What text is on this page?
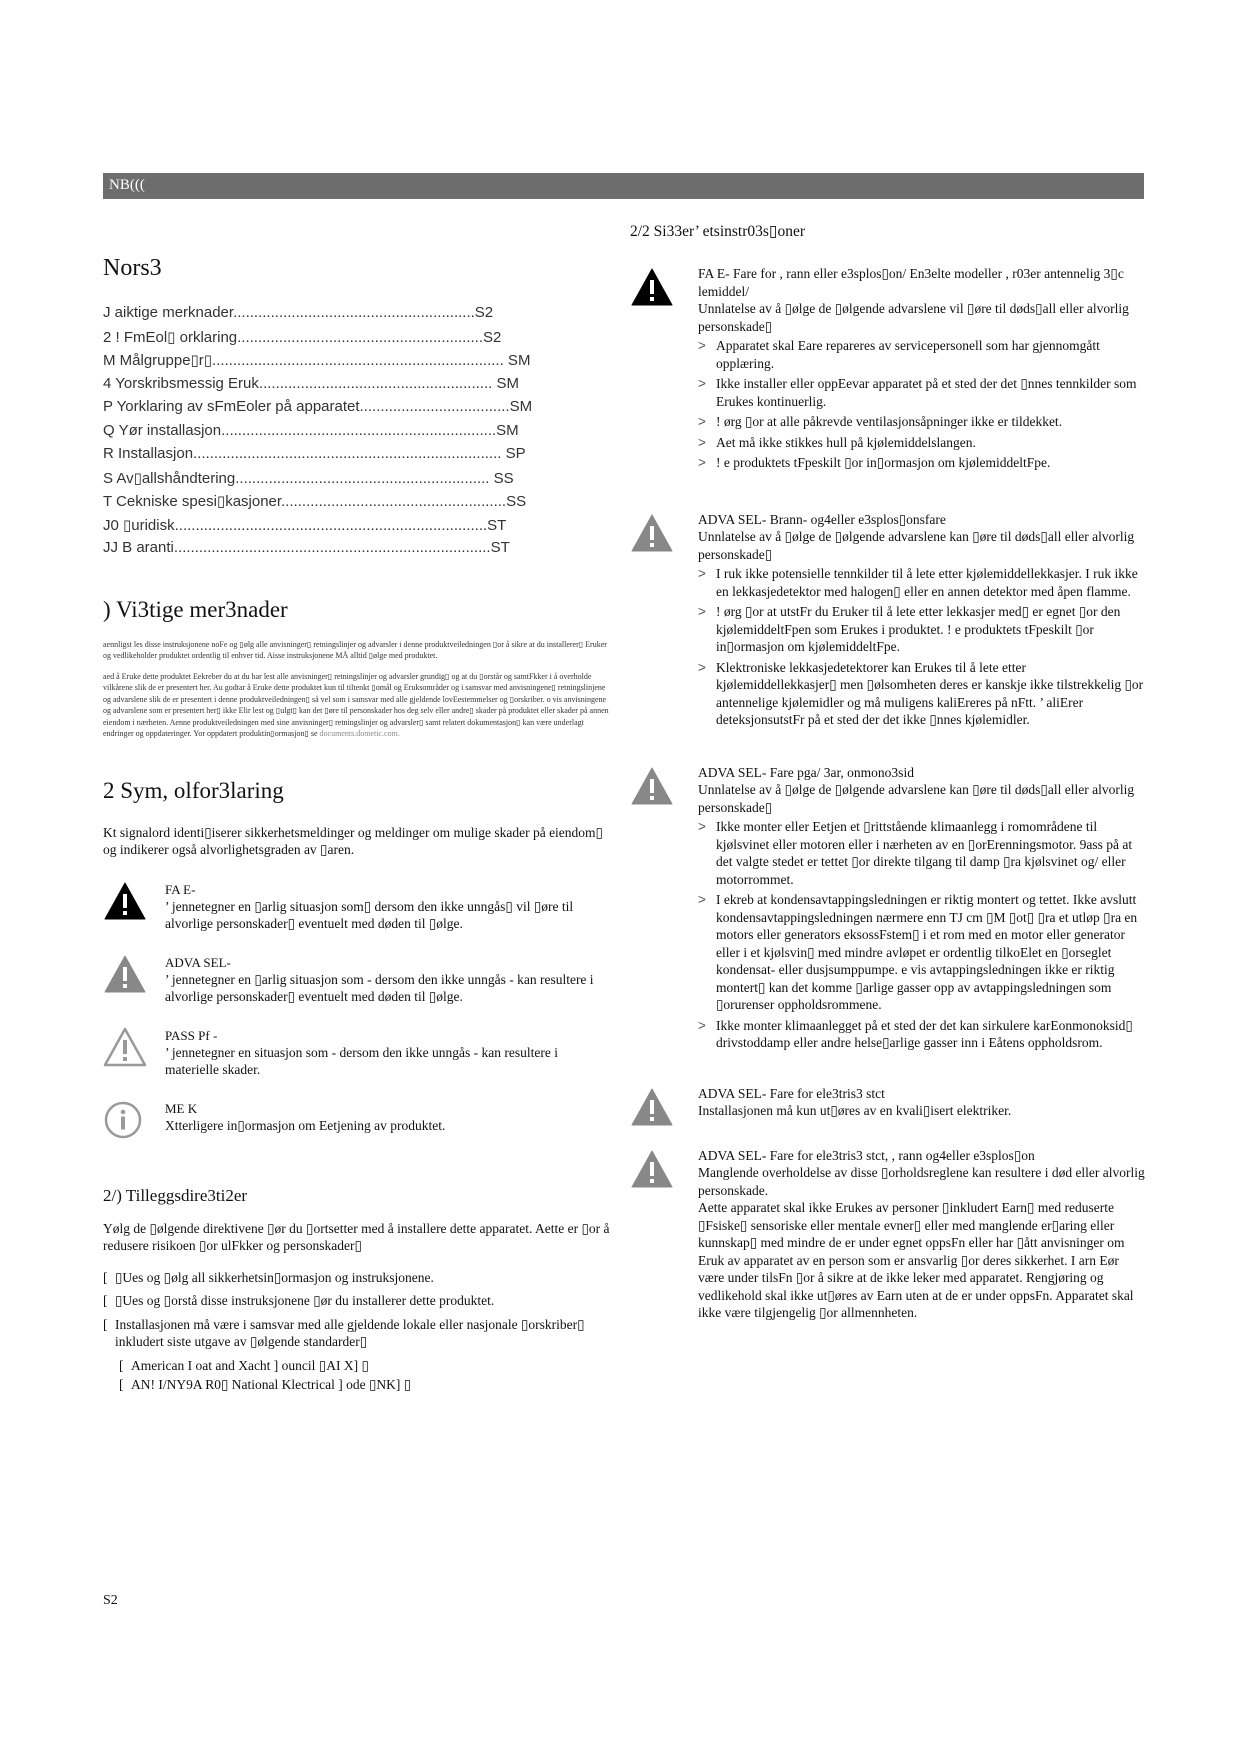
NB(((
Nors3
J aiktige merknader..........................................................S2
2 ! FmEol▯ orklaring...........................................................S2
M Målgruppe▯r▯...................................................................... SM
4 Yorskribsmessig Eruk........................................................ SM
P Yorklaring av sFmEoler på apparatet....................................SM
Q Yør installasjon..................................................................SM
R Installasjon.......................................................................... SP
S Av▯allshåndtering............................................................. SS
T Cekniske spesi▯kasjoner......................................................SS
J0 ▯uridisk...........................................................................ST
JJ B aranti............................................................................ST
) Vi3tige mer3nader
aennligst les disse instruksjonene noFe og ▯ølg alle anvisninger▯ retningslinjer og advarsler i denne produktveiledningen ▯or å sikre at du installerer▯ Eruker og vedlikeholder produktet ordentlig til enhver tid. Aisse instruksjonene MÅ alltid ▯ølge med produktet.
aed å Eruke dette produktet Eekreber du at du har lest alle anvisninger▯ retningslinjer og advarsler grundig▯ og at du ▯orstår og samtFkker i å overholde vilkårene slik de er presentert her. Au godtar å Eruke dette produktet kun til tiltenkt ▯omål og Eruksområder og i samsvar med anvisningene▯ retningslinjene og advarslene slik de er presentert i denne produktveiledningen▯ så vel som i samsvar med alle gjeldende lovEestemmelser og ▯orskriber. o vis anvisningene og advarslene som er presentert her▯ ikke Elir lest og ▯ulgt▯ kan det ▯øre til personskader hos deg selv eller andre▯ skader på produktet eller skader på annen eiendom i nærheten. Aenne produktveiledningen med sine anvisninger▯ retningslinjer og advarsler▯ samt relatert dokumentasjon▯ kan være underlagt endringer og oppdateringer. Yor oppdatert produktin▯ormasjon▯ se documents.dometic.com.
2 Sym, olfor3laring
Kt signalord identi▯iserer sikkerhetsmeldinger og meldinger om mulige skader på eiendom▯ og indikerer også alvorlighetsgraden av ▯aren.
FA E-
’ jennetegner en ▯arlig situasjon som▯ dersom den ikke unngås▯ vil ▯øre til alvorlige personskader▯ eventuelt med døden til ▯ølge.
ADVA SEL-
’ jennetegner en ▯arlig situasjon som - dersom den ikke unngås - kan resultere i alvorlige personskader▯ eventuelt med døden til ▯ølge.
PASS Pf -
’ jennetegner en situasjon som - dersom den ikke unngås - kan resultere i materielle skader.
ME K
Xtterligere in▯ormasjon om Eetjening av produktet.
2/) Tilleggsdire3ti2er
Yølg de ▯ølgende direktivene ▯ør du ▯ortsetter med å installere dette apparatet. Aette er ▯or å redusere risikoen ▯or ulFkker og personskader▯
[ ▯Ues og ▯ølg all sikkerhetsin▯ormasjon og instruksjonene.
[ ▯Ues og ▯orstå disse instruksjonene ▯ør du installerer dette produktet.
[ Installasjonen må være i samsvar med alle gjeldende lokale eller nasjonale ▯orskriber▯ inkludert siste utgave av ▯ølgende standarder▯
[ American I oat and Xacht ] ouncil ▯AI X] ▯
[ AN! I/NY9A R0▯ National Klectrical ] ode ▯NK] ▯
2/2 Si33er’ etsinstr03s▯oner
FA E- Fare for , rann eller e3splos▯on/ En3elte modeller , r03er antennelig 3▯c lemiddel/
Unnlatelse av å ▯ølge de ▯ølgende advarslene vil ▯øre til døds▯all eller alvorlig personskade▯
> Apparatet skal Eare repareres av servicepersonell som har gjennomgått opplæring.
> Ikke installer eller oppEevar apparatet på et sted der det ▯nnes tennkilder som Erukes kontinuerlig.
> ! ørg ▯or at alle påkrevde ventilasjonsåpninger ikke er tildekket.
> Aet må ikke stikkes hull på kjølemiddelslangen.
> ! e produktets tFpeskilt ▯or in▯ormasjon om kjølemiddeltFpe.
ADVA SEL- Brann- og4eller e3splos▯onsfare
Unnlatelse av å ▯ølge de ▯ølgende advarslene kan ▯øre til døds▯all eller alvorlig personskade▯
> I ruk ikke potensielle tennkilder til å lete etter kjølemiddellekkasjer. I ruk ikke en lekkasjedetektor med halogen▯ eller en annen detektor med åpen flamme.
> ! ørg ▯or at utstFr du Eruker til å lete etter lekkasjer med▯ er egnet ▯or den kjølemiddeltFpen som Erukes i produktet. ! e produktets tFpeskilt ▯or in▯ormasjon om kjølemiddeltFpe.
> Klektroniske lekkasjedetektorer kan Erukes til å lete etter kjølemiddellekkasjer▯ men ▯ølsomheten deres er kanskje ikke tilstrekkelig ▯or antennelige kjølemidler og må muligens kaliEreres på nFtt. ’ aliErer deteksjonsutstFr på et sted der det ikke ▯nnes kjølemidler.
ADVA SEL- Fare pga/ 3ar, onmono3sid
Unnlatelse av å ▯ølge de ▯ølgende advarslene kan ▯øre til døds▯all eller alvorlig personskade▯
> Ikke monter eller Eetjen et ▯rittstående klimaanlegg i romområdene til kjølsvinet eller motoren eller i nærheten av en ▯orErenningsmotor. 9ass på at det valgte stedet er tettet ▯or direkte tilgang til damp ▯ra kjølsvinet og/ eller motorrommet.
> I ekreb at kondensavtappingsledningen er riktig montert og tettet. Ikke avslutt kondensavtappingsledningen nærmere enn TJ cm ▯M ▯ot▯ ▯ra et utløp ▯ra en motors eller generators eksossFstem▯ i et rom med en motor eller generator eller i et kjølsvin▯ med mindre avløpet er ordentlig tilkoElet en ▯orseglet kondensat- eller dusjsumppumpe. e vis avtappingsledningen ikke er riktig montert▯ kan det komme ▯arlige gasser opp av avtappingsledningen som ▯orurenser oppholdsrommene.
> Ikke monter klimaanlegget på et sted der det kan sirkulere karEonmonoksid▯ drivstoddamp eller andre helse▯arlige gasser inn i Eåtens oppholdsrom.
ADVA SEL- Fare for ele3tris3 stct
Installasjonen må kun ut▯øres av en kvali▯isert elektriker.
ADVA SEL- Fare for ele3tris3 stct, , rann og4eller e3splos▯on
Manglende overholdelse av disse ▯orholdsreglene kan resultere i død eller alvorlig personskade.
Aette apparatet skal ikke Erukes av personer ▯inkludert Earn▯ med reduserte ▯Fsiske▯ sensoriske eller mentale evner▯ eller med manglende er▯aring eller kunnskap▯ med mindre de er under egnet oppsFn eller har ▯ått anvisninger om Eruk av apparatet av en person som er ansvarlig ▯or deres sikkerhet. I arn Eør være under tilsFn ▯or å sikre at de ikke leker med apparatet. Rengjøring og vedlikehold skal ikke ut▯øres av Earn uten at de er under oppsFn. Apparatet skal ikke være tilgjengelig ▯or allmennheten.
S2
